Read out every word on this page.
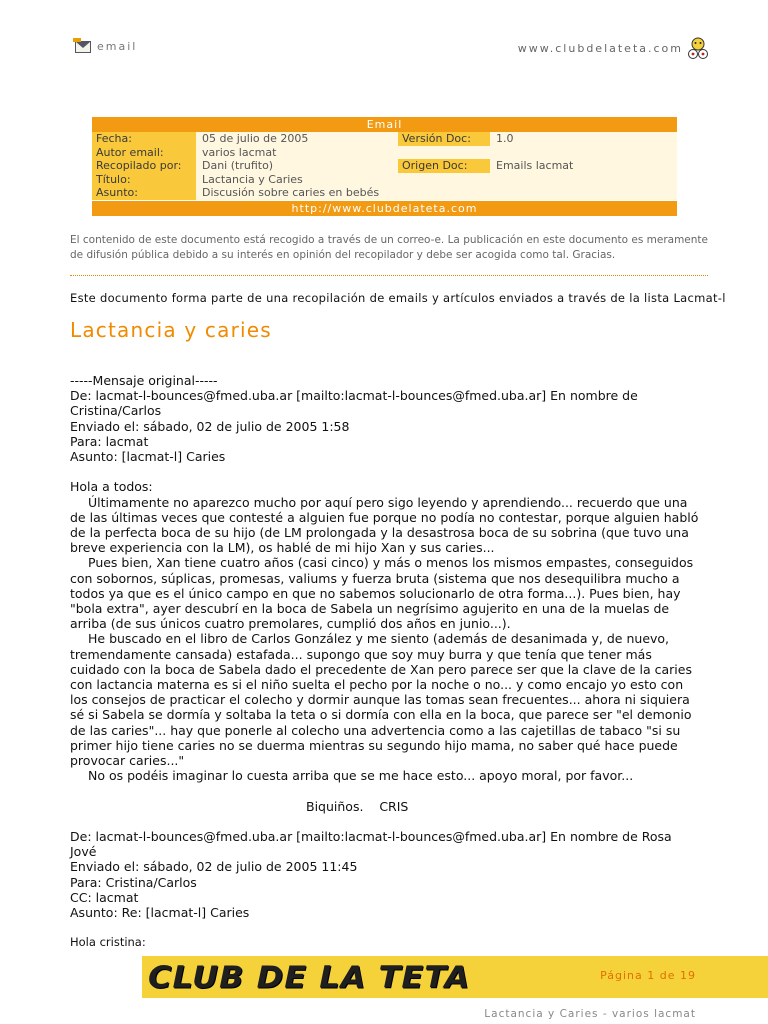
email	www.clubdelateta.com
Email
Fecha:	05 de julio de 2005	Versión Doc:	1.0
Autor email:	varios lacmat
Recopilado por:	Dani (trufito)	Origen Doc:	Emails lacmat
Título:	Lactancia y Caries
Asunto:	Discusión sobre caries en bebés
http://www.clubdelateta.com
El contenido de este documento está recogido a través de un correo-e. La publicación en este documento es meramente
de difusión pública debido a su interés en opinión del recopilador y debe ser acogida como tal. Gracias.
Este documento forma parte de una recopilación de emails y artículos enviados a través de la lista Lacmat-l
Lactancia y caries

-----Mensaje original-----

De: lacmat-l-bounces@fmed.uba.ar [mailto:lacmat-l-bounces@fmed.uba.ar] En nombre de

Cristina/Carlos

Enviado el: sábado, 02 de julio de 2005 1:58

Para: lacmat

Asunto: [lacmat-l] Caries

Hola a todos:

Últimamente no aparezco mucho por aquí pero sigo leyendo y aprendiendo... recuerdo que una de las últimas veces que contesté a alguien fue porque no podía no contestar, porque alguien habló de la perfecta boca de su hijo (de LM prolongada y la desastrosa boca de su sobrina (que tuvo una breve experiencia con la LM), os hablé de mi hijo Xan y sus caries...

Pues bien, Xan tiene cuatro años (casi cinco) y más o menos los mismos empastes, conseguidos con sobornos, súplicas, promesas, valiums y fuerza bruta (sistema que nos desequilibra mucho a todos ya que es el único campo en que no sabemos solucionarlo de otra forma...). Pues bien, hay "bola extra", ayer descubrí en la boca de Sabela un negrísimo agujerito en una de la muelas de arriba (de sus únicos cuatro premolares, cumplió dos años en junio...).

He buscado en el libro de Carlos González y me siento (además de desanimada y, de nuevo, tremendamente cansada) estafada... supongo que soy muy burra y que tenía que tener más cuidado con la boca de Sabela dado el precedente de Xan pero parece ser que la clave de la caries con lactancia materna es si el niño suelta el pecho por la noche o no... y como encajo yo esto con los consejos de practicar el colecho y dormir aunque las tomas sean frecuentes... ahora ni siquiera sé si Sabela se dormía y soltaba la teta o si dormía con ella en la boca, que parece ser "el demonio de las caries"... hay que ponerle al colecho una advertencia como a las cajetillas de tabaco "si su primer hijo tiene caries no se duerma mientras su segundo hijo mama, no saber qué hace puede provocar caries..."

No os podéis imaginar lo cuesta arriba que se me hace esto... apoyo moral, por favor...

Biquiños.    CRIS

De: lacmat-l-bounces@fmed.uba.ar [mailto:lacmat-l-bounces@fmed.uba.ar] En nombre de Rosa Jové

Enviado el: sábado, 02 de julio de 2005 11:45

Para: Cristina/Carlos

CC: lacmat

Asunto: Re: [lacmat-l] Caries

Hola cristina:

CLUB DE LA TETA	Página 1 de 19
Lactancia y Caries - varios lacmat
